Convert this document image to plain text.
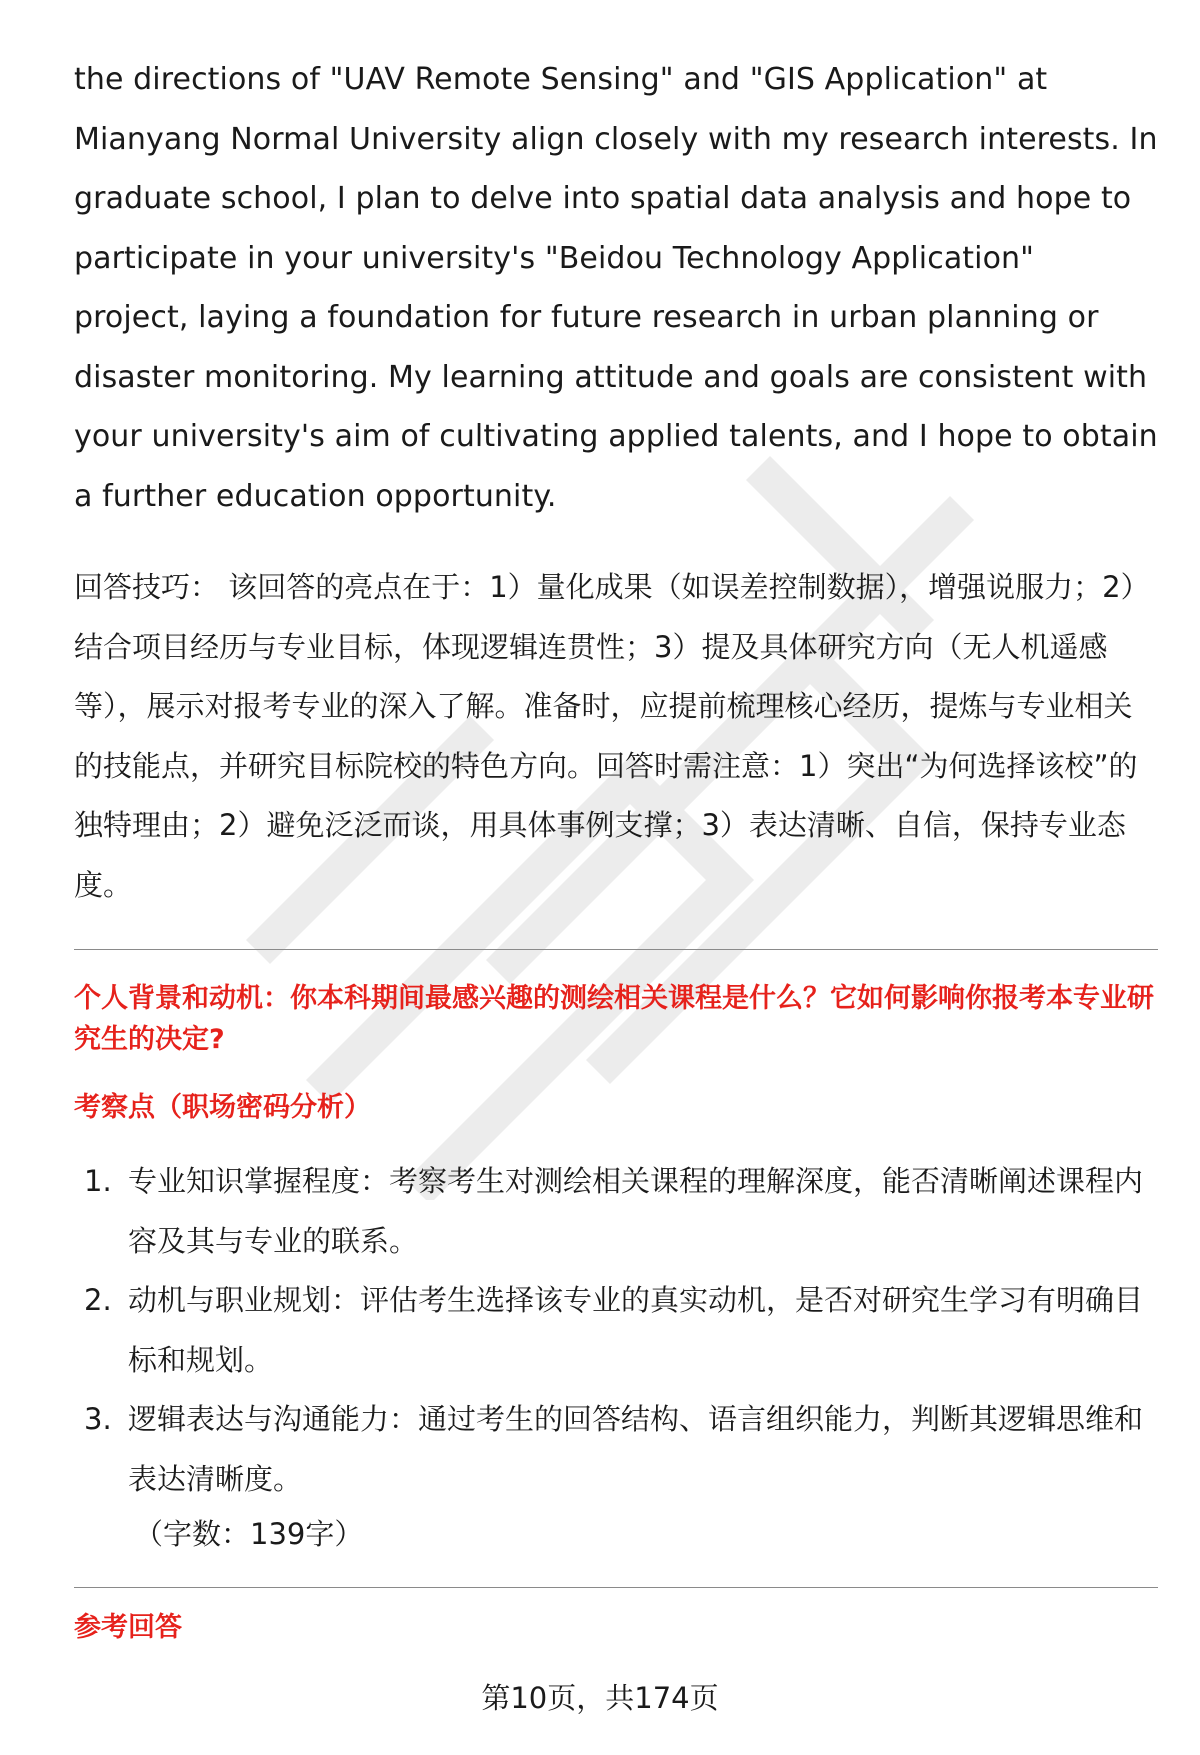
the directions of "UAV Remote Sensing" and "GIS Application" at Mianyang Normal University align closely with my research interests. In graduate school, I plan to delve into spatial data analysis and hope to participate in your university's "Beidou Technology Application" project, laying a foundation for future research in urban planning or disaster monitoring. My learning attitude and goals are consistent with your university's aim of cultivating applied talents, and I hope to obtain a further education opportunity.

回答技巧： 该回答的亮点在于：1）量化成果（如误差控制数据），增强说服力；2）结合项目经历与专业目标，体现逻辑连贯性；3）提及具体研究方向（无人机遥感等），展示对报考专业的深入了解。准备时，应提前梳理核心经历，提炼与专业相关的技能点，并研究目标院校的特色方向。回答时需注意：1）突出“为何选择该校”的独特理由；2）避免泛泛而谈，用具体事例支撑；3）表达清晰、自信，保持专业态度。

个人背景和动机：你本科期间最感兴趣的测绘相关课程是什么？它如何影响你报考本专业研究生的决定?
考察点（职场密码分析）
1. 专业知识掌握程度：考察考生对测绘相关课程的理解深度，能否清晰阐述课程内容及其与专业的联系。
2. 动机与职业规划：评估考生选择该专业的真实动机，是否对研究生学习有明确目标和规划。
3. 逻辑表达与沟通能力：通过考生的回答结构、语言组织能力，判断其逻辑思维和表达清晰度。
（字数：139字）
参考回答
第10页，共174页
